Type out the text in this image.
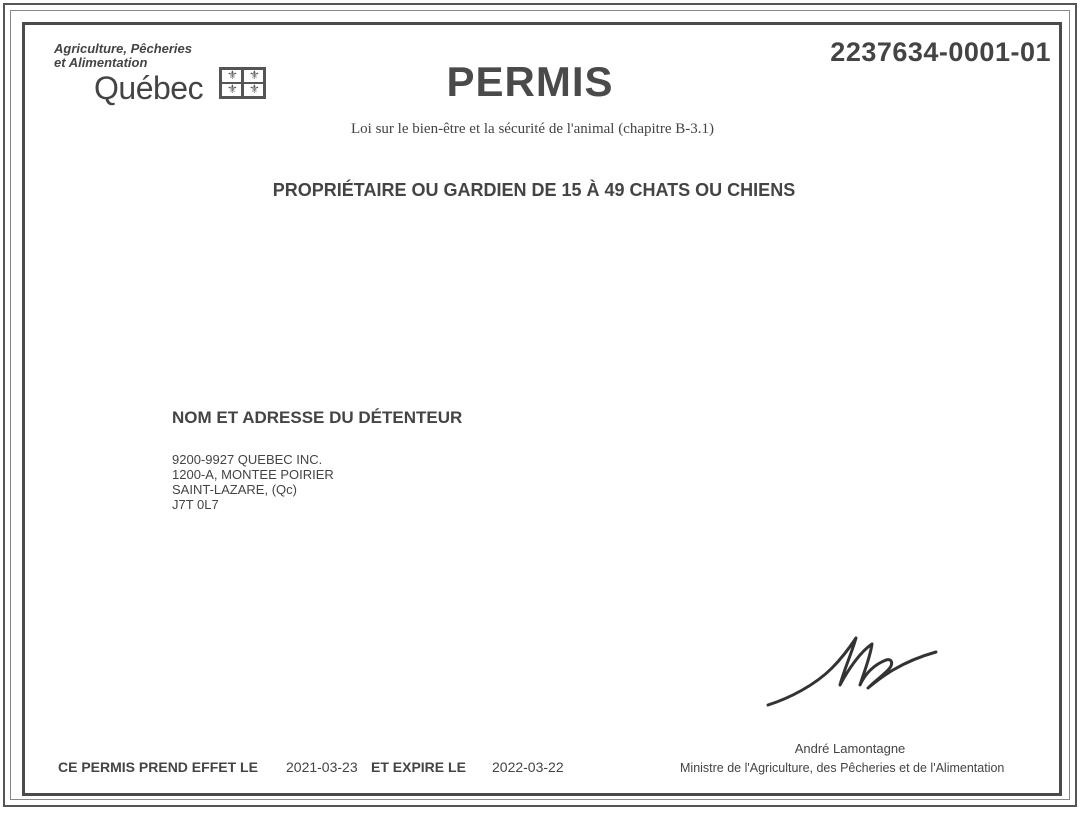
Agriculture, Pêcheries
et Alimentation
Québec ⚜ ⚜
⚜ ⚜
2237634-0001-01
PERMIS
Loi sur le bien-être et la sécurité de l'animal (chapitre B-3.1)
PROPRIÉTAIRE OU GARDIEN DE 15 À 49 CHATS OU CHIENS
NOM ET ADRESSE DU DÉTENTEUR
9200-9927 QUEBEC INC.
1200-A, MONTEE POIRIER
SAINT-LAZARE, (Qc)
J7T 0L7
André Lamontagne
Ministre de l'Agriculture, des Pêcheries et de l'Alimentation
CE PERMIS PREND EFFET LE 2021-03-23 ET EXPIRE LE 2022-03-22
